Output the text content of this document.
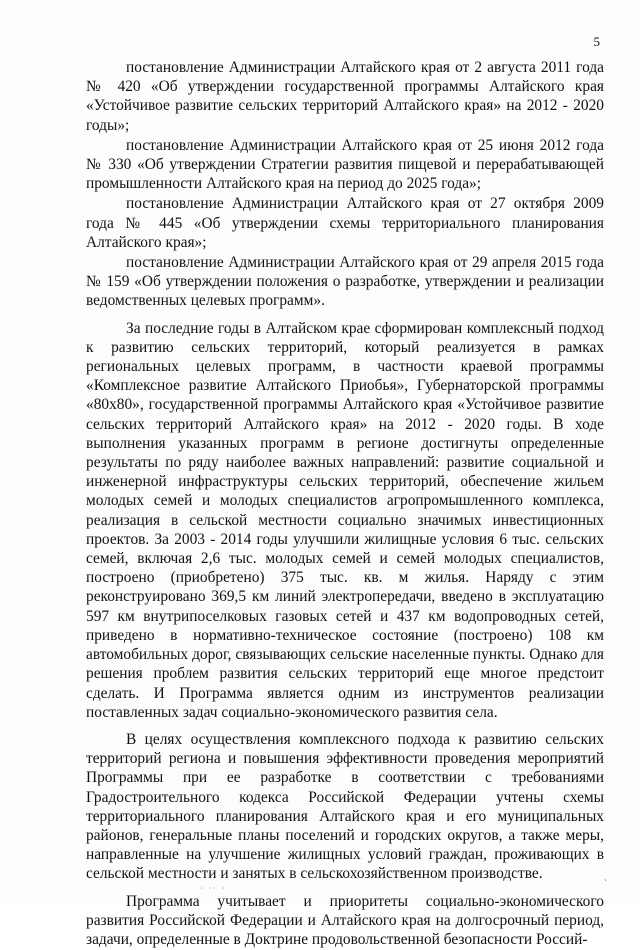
5

постановление Администрации Алтайского края от 2 августа 2011 года № 420 «Об утверждении государственной программы Алтайского края «Устойчивое развитие сельских территорий Алтайского края» на 2012 - 2020 годы»;

постановление Администрации Алтайского края от 25 июня 2012 года № 330 «Об утверждении Стратегии развития пищевой и перерабатывающей промышленности Алтайского края на период до 2025 года»;

постановление Администрации Алтайского края от 27 октября 2009 года № 445 «Об утверждении схемы территориального планирования Алтайского края»;

постановление Администрации Алтайского края от 29 апреля 2015 года № 159 «Об утверждении положения о разработке, утверждении и реализации ведомственных целевых программ».

За последние годы в Алтайском крае сформирован комплексный подход к развитию сельских территорий, который реализуется в рамках региональных целевых программ, в частности краевой программы «Комплексное развитие Алтайского Приобья», Губернаторской программы «80х80», государственной программы Алтайского края «Устойчивое развитие сельских территорий Алтайского края» на 2012 - 2020 годы. В ходе выполнения указанных программ в регионе достигнуты определенные результаты по ряду наиболее важных направлений: развитие социальной и инженерной инфраструктуры сельских территорий, обеспечение жильем молодых семей и молодых специалистов агропромышленного комплекса, реализация в сельской местности социально значимых инвестиционных проектов. За 2003 - 2014 годы улучшили жилищные условия 6 тыс. сельских семей, включая 2,6 тыс. молодых семей и семей молодых специалистов, построено (приобретено) 375 тыс. кв. м жилья. Наряду с этим реконструировано 369,5 км линий электропередачи, введено в эксплуатацию 597 км внутрипоселковых газовых сетей и 437 км водопроводных сетей, приведено в нормативно-техническое состояние (построено) 108 км автомобильных дорог, связывающих сельские населенные пункты. Однако для решения проблем развития сельских территорий еще многое предстоит сделать. И Программа является одним из инструментов реализации поставленных задач социально-экономического развития села.

В целях осуществления комплексного подхода к развитию сельских территорий региона и повышения эффективности проведения мероприятий Программы при ее разработке в соответствии с требованиями Градостроительного кодекса Российской Федерации учтены схемы территориального планирования Алтайского края и его муниципальных районов, генеральные планы поселений и городских округов, а также меры, направленные на улучшение жилищных условий граждан, проживающих в сельской местности и занятых в сельскохозяйственном производстве.

Программа учитывает и приоритеты социально-экономического развития Российской Федерации и Алтайского края на долгосрочный период, задачи, определенные в Доктрине продовольственной безопасности Россий-

· ·· ·
ˋ
